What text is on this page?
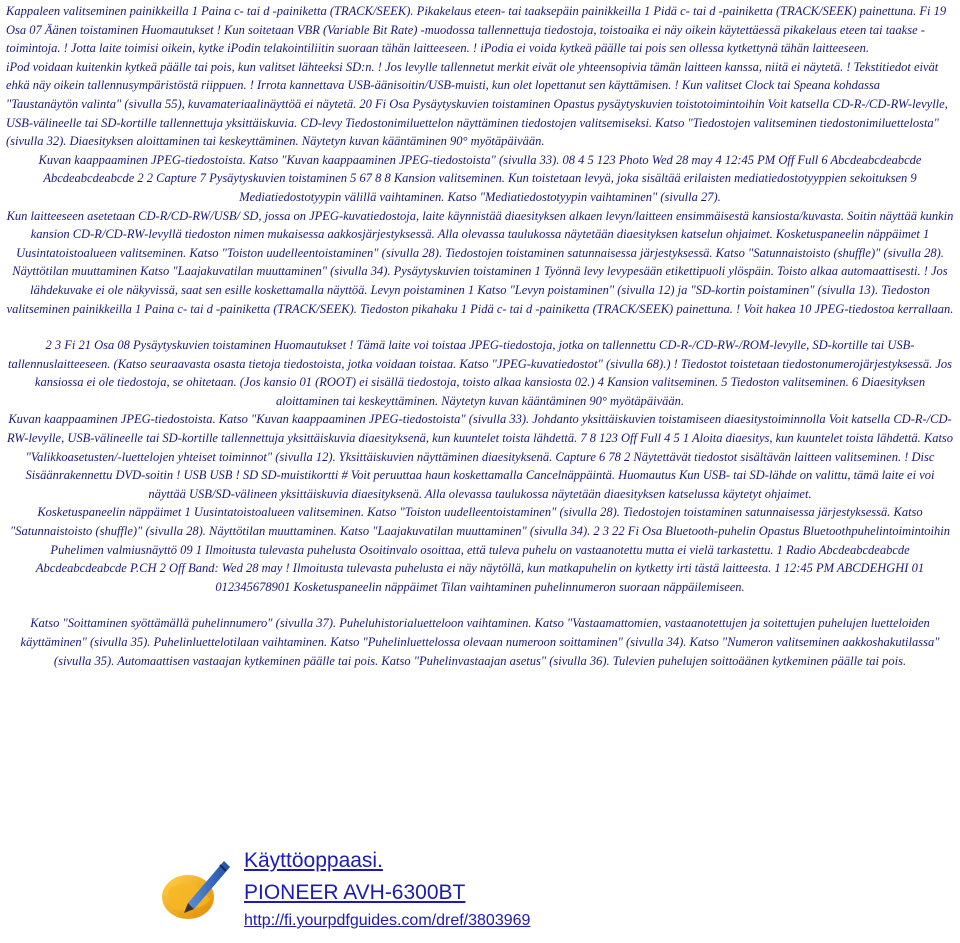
Kappaleen valitseminen painikkeilla 1 Paina c- tai d -painiketta (TRACK/SEEK). Pikakelaus eteen- tai taaksepäin painikkeilla 1 Pidä c- tai d -painiketta (TRACK/SEEK) painettuna. Fi 19 Osa 07 Äänen toistaminen Huomautukset ! Kun soitetaan VBR (Variable Bit Rate) -muodossa tallennettuja tiedostoja, toistoaika ei näy oikein käytettäessä pikakelaus eteen tai taakse -toimintoja. ! Jotta laite toimisi oikein, kytke iPodin telakointiliitin suoraan tähän laitteeseen. ! iPodia ei voida kytkeä päälle tai pois sen ollessa kytkettynä tähän laitteeseen.

iPod voidaan kuitenkin kytkeä päälle tai pois, kun valitset lähteeksi SD:n. ! Jos levylle tallennetut merkit eivät ole yhteensopivia tämän laitteen kanssa, niitä ei näytetä. ! Tekstitiedot eivät ehkä näy oikein tallennusympäristöstä riippuen. ! Irrota kannettava USB-äänisoitin/USB-muisti, kun olet lopettanut sen käyttämisen. ! Kun valitset Clock tai Speana kohdassa "Taustanäytön valinta" (sivulla 55), kuvamateriaalinäyttöä ei näytetä. 20 Fi Osa Pysäytyskuvien toistaminen Opastus pysäytyskuvien toistotoimintoihin Voit katsella CD-R-/CD-RW-levylle, USB-välineelle tai SD-kortille tallennettuja yksittäiskuvia. CD-levy Tiedostonimiluettelon näyttäminen tiedostojen valitsemiseksi. Katso "Tiedostojen valitseminen tiedostonimiluettelosta" (sivulla 32). Diaesityksen aloittaminen tai keskeyttäminen. Näytetyn kuvan kääntäminen 90° myötäpäivään.

Kuvan kaappaaminen JPEG-tiedostoista. Katso "Kuvan kaappaaminen JPEG-tiedostoista" (sivulla 33). 08 4 5 123 Photo Wed 28 may 4 12:45 PM Off Full 6 Abcdeabcdeabcde Abcdeabcdeabcde 2 2 Capture 7 Pysäytyskuvien toistaminen 5 67 8 8 Kansion valitseminen. Kun toistetaan levyä, joka sisältää erilaisten mediatiedostotyyppien sekoituksen 9 Mediatiedostotyypin välillä vaihtaminen. Katso "Mediatiedostotyypin vaihtaminen" (sivulla 27).

Kun laitteeseen asetetaan CD-R/CD-RW/USB/ SD, jossa on JPEG-kuvatiedostoja, laite käynnistää diaesityksen alkaen levyn/laitteen ensimmäisestä kansiosta/kuvasta. Soitin näyttää kunkin kansion CD-R/CD-RW-levyllä tiedoston nimen mukaisessa aakkosjärjestyksessä. Alla olevassa taulukossa näytetään diaesityksen katselun ohjaimet. Kosketuspaneelin näppäimet 1 Uusintatoistoalueen valitseminen. Katso "Toiston uudelleentoistaminen" (sivulla 28). Tiedostojen toistaminen satunnaisessa järjestyksessä. Katso "Satunnaistoisto (shuffle)" (sivulla 28). Näyttötilan muuttaminen Katso "Laajakuvatilan muuttaminen" (sivulla 34). Pysäytyskuvien toistaminen 1 Työnnä levy levypesään etikettipuoli ylöspäin. Toisto alkaa automaattisesti. ! Jos lähdekuvake ei ole näkyvissä, saat sen esille koskettamalla näyttöä. Levyn poistaminen 1 Katso "Levyn poistaminen" (sivulla 12) ja "SD-kortin poistaminen" (sivulla 13). Tiedoston valitseminen painikkeilla 1 Paina c- tai d -painiketta (TRACK/SEEK). Tiedoston pikahaku 1 Pidä c- tai d -painiketta (TRACK/SEEK) painettuna. ! Voit hakea 10 JPEG-tiedostoa kerrallaan.

2 3 Fi 21 Osa 08 Pysäytyskuvien toistaminen Huomautukset ! Tämä laite voi toistaa JPEG-tiedostoja, jotka on tallennettu CD-R-/CD-RW-/ROM-levylle, SD-kortille tai USB-tallennuslaitteeseen. (Katso seuraavasta osasta tietoja tiedostoista, jotka voidaan toistaa. Katso "JPEG-kuvatiedostot" (sivulla 68).) ! Tiedostot toistetaan tiedostonumerojärjestyksessä. Jos kansiossa ei ole tiedostoja, se ohitetaan. (Jos kansio 01 (ROOT) ei sisällä tiedostoja, toisto alkaa kansiosta 02.) 4 Kansion valitseminen. 5 Tiedoston valitseminen. 6 Diaesityksen aloittaminen tai keskeyttäminen. Näytetyn kuvan kääntäminen 90° myötäpäivään.

Kuvan kaappaaminen JPEG-tiedostoista. Katso "Kuvan kaappaaminen JPEG-tiedostoista" (sivulla 33). Johdanto yksittäiskuvien toistamiseen diaesitystoiminnolla Voit katsella CD-R-/CD-RW-levylle, USB-välineelle tai SD-kortille tallennettuja yksittäiskuvia diaesityksenä, kun kuuntelet toista lähdettä. 7 8 123 Off Full 4 5 1 Aloita diaesitys, kun kuuntelet toista lähdettä. Katso "Valikkoasetusten/-luettelojen yhteiset toiminnot" (sivulla 12). Yksittäiskuvien näyttäminen diaesityksenä. Capture 6 78 2 Näytettävät tiedostot sisältävän laitteen valitseminen. ! Disc Sisäänrakennettu DVD-soitin ! USB USB ! SD SD-muistikortti # Voit peruuttaa haun koskettamalla Cancelnäppäintä. Huomautus Kun USB- tai SD-lähde on valittu, tämä laite ei voi näyttää USB/SD-välineen yksittäiskuvia diaesityksenä. Alla olevassa taulukossa näytetään diaesityksen katselussa käytetyt ohjaimet.

Kosketuspaneelin näppäimet 1 Uusintatoistoalueen valitseminen. Katso "Toiston uudelleentoistaminen" (sivulla 28). Tiedostojen toistaminen satunnaisessa järjestyksessä. Katso "Satunnaistoisto (shuffle)" (sivulla 28). Näyttötilan muuttaminen. Katso "Laajakuvatilan muuttaminen" (sivulla 34). 2 3 22 Fi Osa Bluetooth-puhelin Opastus Bluetoothpuhelintoimintoihin Puhelimen valmiusnäyttö 09 1 Ilmoitusta tulevasta puhelusta Osoitinvalo osoittaa, että tuleva puhelu on vastaanotettu mutta ei vielä tarkastettu. 1 Radio Abcdeabcdeabcde Abcdeabcdeabcde P.CH 2 Off Band: Wed 28 may ! Ilmoitusta tulevasta puhelusta ei näy näytöllä, kun matkapuhelin on kytketty irti tästä laitteesta. 1 12:45 PM ABCDEHGHI 01 012345678901 Kosketuspaneelin näppäimet Tilan vaihtaminen puhelinnumeron suoraan näppäilemiseen.

Katso "Soittaminen syöttämällä puhelinnumero" (sivulla 37). Puheluhistorialuetteloon vaihtaminen. Katso "Vastaamattomien, vastaanotettujen ja soitettujen puhelujen luetteloiden käyttäminen" (sivulla 35). Puhelinluettelotilaan vaihtaminen. Katso "Puhelinluettelossa olevaan numeroon soittaminen" (sivulla 34). Katso "Numeron valitseminen aakkoshakutilassa" (sivulla 35). Automaattisen vastaajan kytkeminen päälle tai pois. Katso "Puhelinvastaajan asetus" (sivulla 36). Tulevien puhelujen soittoäänen kytkeminen päälle tai pois.

Käyttöoppaasi.
PIONEER AVH-6300BT
http://fi.yourpdfguides.com/dref/3803969
